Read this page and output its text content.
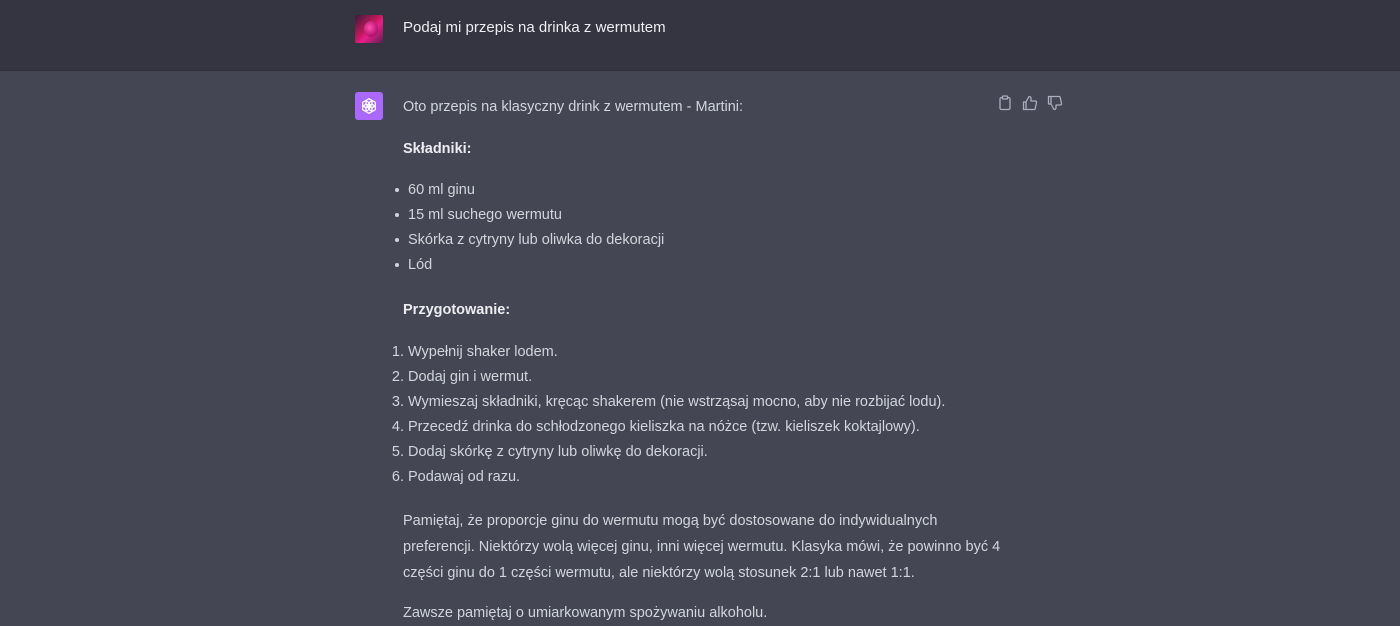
Podaj mi przepis na drinka z wermutem

Oto przepis na klasyczny drink z wermutem - Martini:

Składniki:

60 ml ginu
15 ml suchego wermutu
Skórka z cytryny lub oliwka do dekoracji
Lód

Przygotowanie:

1. Wypełnij shaker lodem.
2. Dodaj gin i wermut.
3. Wymieszaj składniki, kręcąc shakerem (nie wstrząsaj mocno, aby nie rozbijać lodu).
4. Przecedź drinka do schłodzonego kieliszka na nóżce (tzw. kieliszek koktajlowy).
5. Dodaj skórkę z cytryny lub oliwkę do dekoracji.
6. Podawaj od razu.

Pamiętaj, że proporcje ginu do wermutu mogą być dostosowane do indywidualnych preferencji. Niektórzy wolą więcej ginu, inni więcej wermutu. Klasyka mówi, że powinno być 4 części ginu do 1 części wermutu, ale niektórzy wolą stosunek 2:1 lub nawet 1:1.

Zawsze pamiętaj o umiarkowanym spożywaniu alkoholu.
